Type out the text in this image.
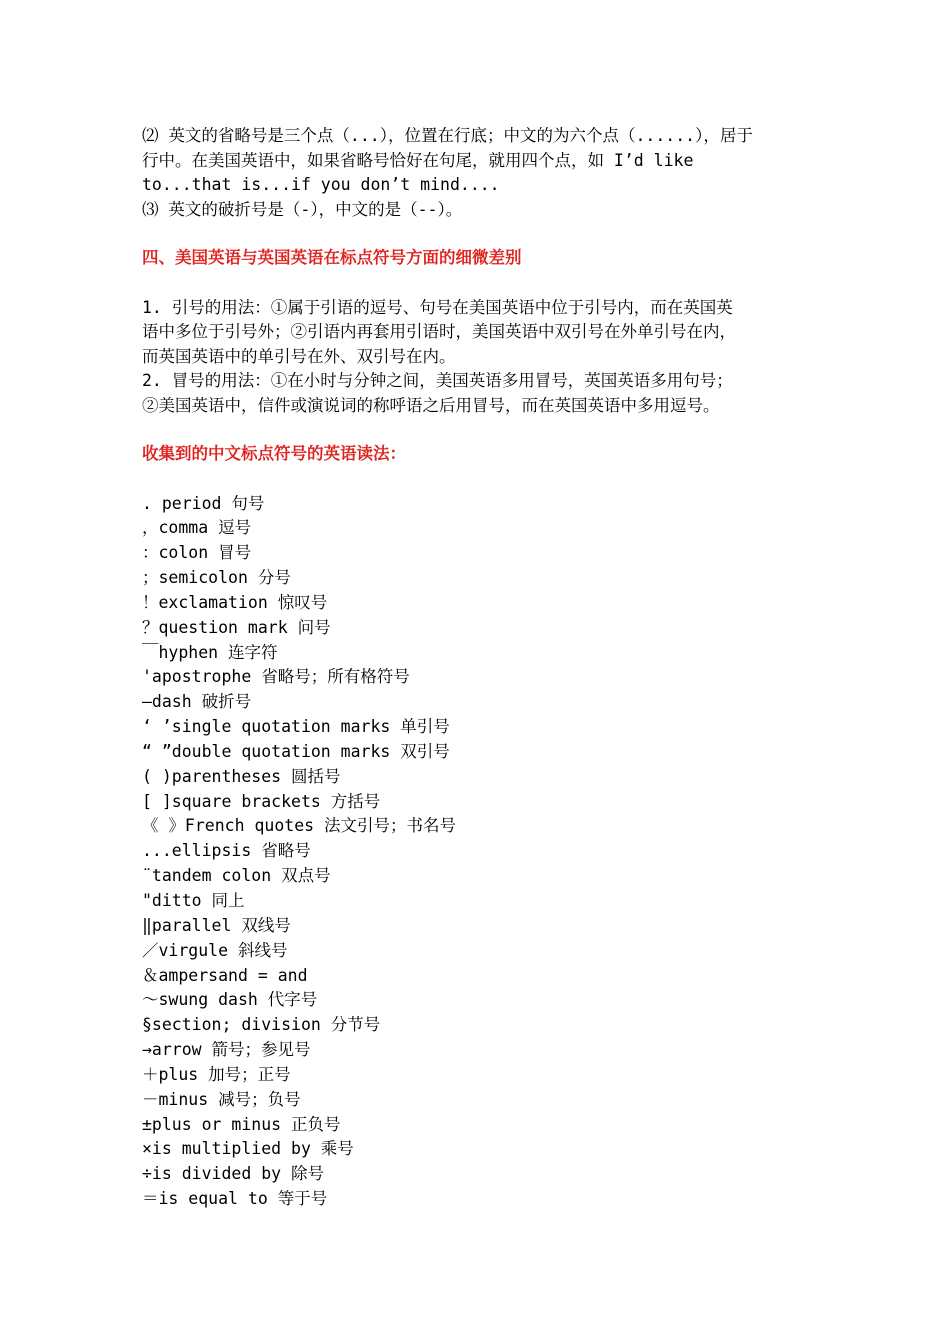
⑵ 英文的省略号是三个点（...），位置在行底；中文的为六个点（......），居于

行中。在美国英语中，如果省略号恰好在句尾，就用四个点，如 I’d like

to...that is...if you don’t mind....

⑶ 英文的破折号是（-），中文的是（--）。

四、美国英语与英国英语在标点符号方面的细微差别

1. 引号的用法：①属于引语的逗号、句号在美国英语中位于引号内，而在英国英

语中多位于引号外；②引语内再套用引语时，美国英语中双引号在外单引号在内，

而英国英语中的单引号在外、双引号在内。

2. 冒号的用法：①在小时与分钟之间，美国英语多用冒号，英国英语多用句号；

②美国英语中，信件或演说词的称呼语之后用冒号，而在英国英语中多用逗号。

收集到的中文标点符号的英语读法：
. period 句号
，comma 逗号
：colon 冒号
；semicolon 分号
！exclamation 惊叹号
？question mark 问号
￣hyphen 连字符
'apostrophe 省略号；所有格符号
—dash 破折号
‘ ’single quotation marks 单引号
“ ”double quotation marks 双引号
( )parentheses 圆括号
[ ]square brackets 方括号
《 》French quotes 法文引号；书名号
...ellipsis 省略号
¨tandem colon 双点号
"ditto 同上
‖parallel 双线号
／virgule 斜线号
＆ampersand = and
～swung dash 代字号
§section; division 分节号
→arrow 箭号；参见号
＋plus 加号；正号
－minus 减号；负号
±plus or minus 正负号
×is multiplied by 乘号
÷is divided by 除号
＝is equal to 等于号
